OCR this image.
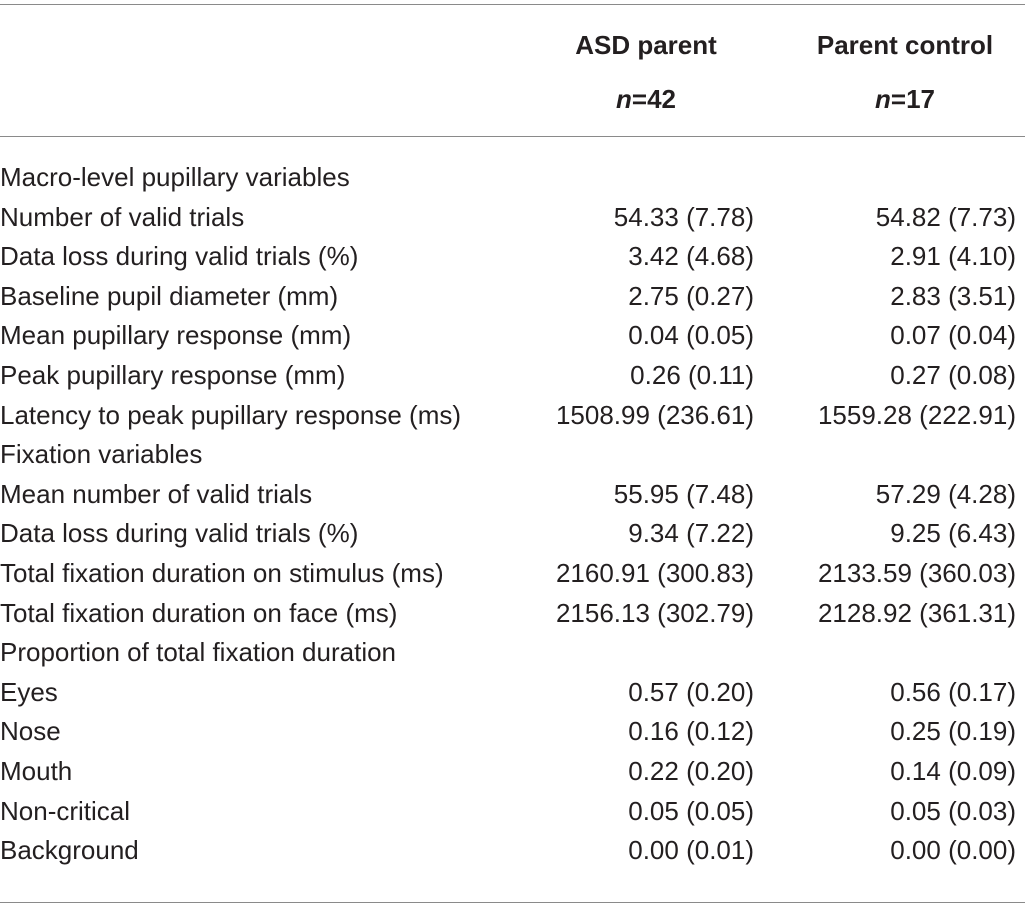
ASD parent
n=42
Parent control
n=17
Macro-level pupillary variables
Number of valid trials	54.33 (7.78)	54.82 (7.73)
Data loss during valid trials (%)	3.42 (4.68)	2.91 (4.10)
Baseline pupil diameter (mm)	2.75 (0.27)	2.83 (3.51)
Mean pupillary response (mm)	0.04 (0.05)	0.07 (0.04)
Peak pupillary response (mm)	0.26 (0.11)	0.27 (0.08)
Latency to peak pupillary response (ms)	1508.99 (236.61) 1559.28 (222.91)
Fixation variables
Mean number of valid trials	55.95 (7.48)	57.29 (4.28)
Data loss during valid trials (%)	9.34 (7.22)	9.25 (6.43)
Total fixation duration on stimulus (ms)	2160.91 (300.83) 2133.59 (360.03)
Total fixation duration on face (ms)	2156.13 (302.79) 2128.92 (361.31)
Proportion of total fixation duration
Eyes	0.57 (0.20)	0.56 (0.17)
Nose	0.16 (0.12)	0.25 (0.19)
Mouth	0.22 (0.20)	0.14 (0.09)
Non-critical	0.05 (0.05)	0.05 (0.03)
Background	0.00 (0.01)	0.00 (0.00)
